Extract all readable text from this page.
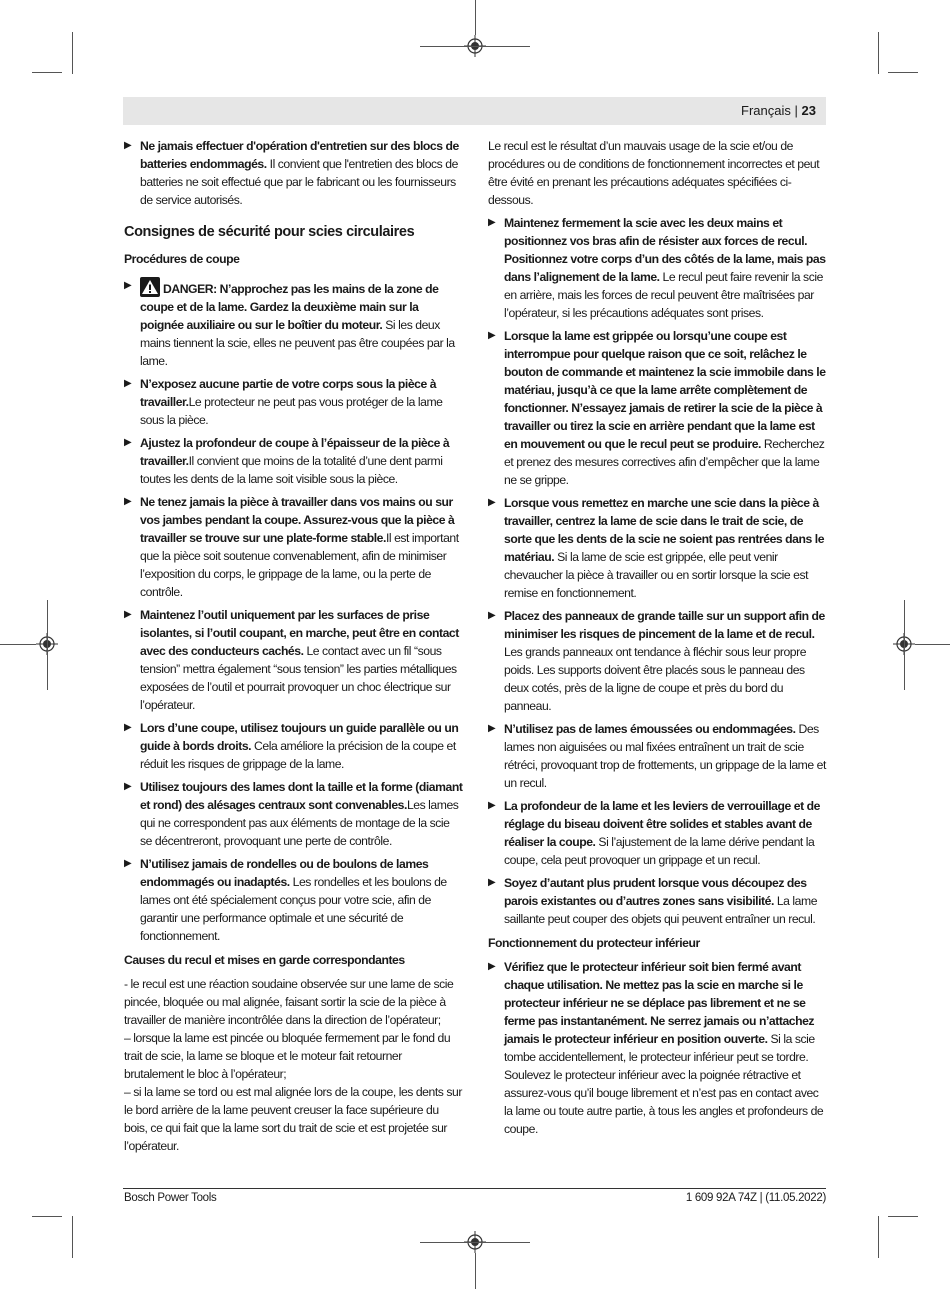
Français | 23
▶ Ne jamais effectuer d'opération d'entretien sur des blocs de batteries endommagés. Il convient que l'entretien des blocs de batteries ne soit effectué que par le fabricant ou les fournisseurs de service autorisés.

Consignes de sécurité pour scies circulaires
Procédures de coupe
▶	DANGER: N’approchez pas les mains de la zone de coupe et de la lame. Gardez la deuxième main sur la poignée auxiliaire ou sur le boîtier du moteur. Si les deux mains tiennent la scie, elles ne peuvent pas être coupées par la lame.

▶ N’exposez aucune partie de votre corps sous la pièce à travailler.Le protecteur ne peut pas vous protéger de la lame sous la pièce.

▶ Ajustez la profondeur de coupe à l’épaisseur de la pièce à travailler.Il convient que moins de la totalité d’une dent parmi toutes les dents de la lame soit visible sous la pièce.

▶ Ne tenez jamais la pièce à travailler dans vos mains ou sur vos jambes pendant la coupe. Assurez-vous que la pièce à travailler se trouve sur une plate-forme stable.Il est important que la pièce soit soutenue convenablement, afin de minimiser l’exposition du corps, le grippage de la lame, ou la perte de contrôle.

▶ Maintenez l’outil uniquement par les surfaces de prise isolantes, si l’outil coupant, en marche, peut être en contact avec des conducteurs cachés. Le contact avec un fil “sous tension” mettra également “sous tension” les parties métalliques exposées de l’outil et pourrait provoquer un choc électrique sur l’opérateur.

▶ Lors d’une coupe, utilisez toujours un guide parallèle ou un guide à bords droits. Cela améliore la précision de la coupe et réduit les risques de grippage de la lame.

▶ Utilisez toujours des lames dont la taille et la forme (diamant et rond) des alésages centraux sont convenables.Les lames qui ne correspondent pas aux éléments de montage de la scie se décentreront, provoquant une perte de contrôle.

▶ N’utilisez jamais de rondelles ou de boulons de lames endommagés ou inadaptés. Les rondelles et les boulons de lames ont été spécialement conçus pour votre scie, afin de garantir une performance optimale et une sécurité de fonctionnement.

Causes du recul et mises en garde correspondantes

- le recul est une réaction soudaine observée sur une lame de scie pincée, bloquée ou mal alignée, faisant sortir la scie de la pièce à travailler de manière incontrôlée dans la direction de l’opérateur;

– lorsque la lame est pincée ou bloquée fermement par le fond du trait de scie, la lame se bloque et le moteur fait retourner brutalement le bloc à l’opérateur;

– si la lame se tord ou est mal alignée lors de la coupe, les dents sur le bord arrière de la lame peuvent creuser la face supérieure du bois, ce qui fait que la lame sort du trait de scie et est projetée sur l’opérateur.

Le recul est le résultat d’un mauvais usage de la scie et/ou de procédures ou de conditions de fonctionnement incorrectes et peut être évité en prenant les précautions adéquates spécifiées ci-dessous.

▶ Maintenez fermement la scie avec les deux mains et positionnez vos bras afin de résister aux forces de recul. Positionnez votre corps d’un des côtés de la lame, mais pas dans l’alignement de la lame. Le recul peut faire revenir la scie en arrière, mais les forces de recul peuvent être maîtrisées par l’opérateur, si les précautions adéquates sont prises.

▶ Lorsque la lame est grippée ou lorsqu’une coupe est interrompue pour quelque raison que ce soit, relâchez le bouton de commande et maintenez la scie immobile dans le matériau, jusqu’à ce que la lame arrête complètement de fonctionner. N’essayez jamais de retirer la scie de la pièce à travailler ou tirez la scie en arrière pendant que la lame est en mouvement ou que le recul peut se produire. Recherchez et prenez des mesures correctives afin d’empêcher que la lame ne se grippe.

▶ Lorsque vous remettez en marche une scie dans la pièce à travailler, centrez la lame de scie dans le trait de scie, de sorte que les dents de la scie ne soient pas rentrées dans le matériau. Si la lame de scie est grippée, elle peut venir chevaucher la pièce à travailler ou en sortir lorsque la scie est remise en fonctionnement.

▶ Placez des panneaux de grande taille sur un support afin de minimiser les risques de pincement de la lame et de recul. Les grands panneaux ont tendance à fléchir sous leur propre poids. Les supports doivent être placés sous le panneau des deux cotés, près de la ligne de coupe et près du bord du panneau.

▶ N’utilisez pas de lames émoussées ou endommagées. Des lames non aiguisées ou mal fixées entraînent un trait de scie rétréci, provoquant trop de frottements, un grippage de la lame et un recul.

▶ La profondeur de la lame et les leviers de verrouillage et de réglage du biseau doivent être solides et stables avant de réaliser la coupe. Si l’ajustement de la lame dérive pendant la coupe, cela peut provoquer un grippage et un recul.

▶ Soyez d’autant plus prudent lorsque vous découpez des parois existantes ou d’autres zones sans visibilité. La lame saillante peut couper des objets qui peuvent entraîner un recul.

Fonctionnement du protecteur inférieur
▶ Vérifiez que le protecteur inférieur soit bien fermé avant chaque utilisation. Ne mettez pas la scie en marche si le protecteur inférieur ne se déplace pas librement et ne se ferme pas instantanément. Ne serrez jamais ou n’attachez jamais le protecteur inférieur en position ouverte. Si la scie tombe accidentellement, le protecteur inférieur peut se tordre. Soulevez le protecteur inférieur avec la poignée rétractive et assurez-vous qu’il bouge librement et n’est pas en contact avec la lame ou toute autre partie, à tous les angles et profondeurs de coupe.

Bosch Power Tools	1 609 92A 74Z | (11.05.2022)
